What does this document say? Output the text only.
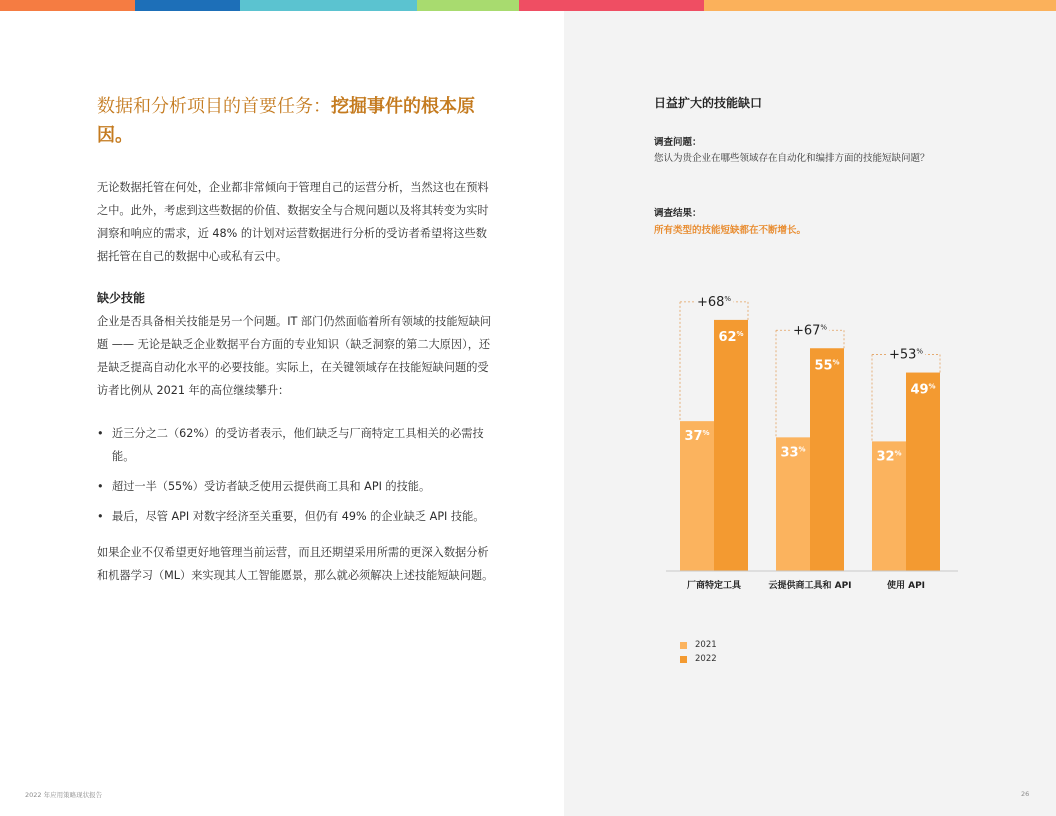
数据和分析项目的首要任务：挖掘事件的根本原因。

无论数据托管在何处，企业都非常倾向于管理自己的运营分析，当然这也在预料之中。此外，考虑到这些数据的价值、数据安全与合规问题以及将其转变为实时洞察和响应的需求，近 48% 的计划对运营数据进行分析的受访者希望将这些数据托管在自己的数据中心或私有云中。

缺少技能

企业是否具备相关技能是另一个问题。IT 部门仍然面临着所有领域的技能短缺问题 —— 无论是缺乏企业数据平台方面的专业知识（缺乏洞察的第二大原因），还是缺乏提高自动化水平的必要技能。实际上，在关键领域存在技能短缺问题的受访者比例从 2021 年的高位继续攀升：

• 近三分之二（62%）的受访者表示，他们缺乏与厂商特定工具相关的必需技能。
• 超过一半（55%）受访者缺乏使用云提供商工具和 API 的技能。
• 最后，尽管 API 对数字经济至关重要，但仍有 49% 的企业缺乏 API 技能。

如果企业不仅希望更好地管理当前运营，而且还期望采用所需的更深入数据分析和机器学习（ML）来实现其人工智能愿景，那么就必须解决上述技能短缺问题。

日益扩大的技能缺口
调查问题：
您认为贵企业在哪些领域存在自动化和编排方面的技能短缺问题？
调查结果：
所有类型的技能短缺都在不断增长。
37%
62%
+68%
厂商特定工具
33%
55%
+67%
云提供商工具和 API
32%
49%
+53%
使用 API
2021
2022
2022 年应用策略现状报告	26
